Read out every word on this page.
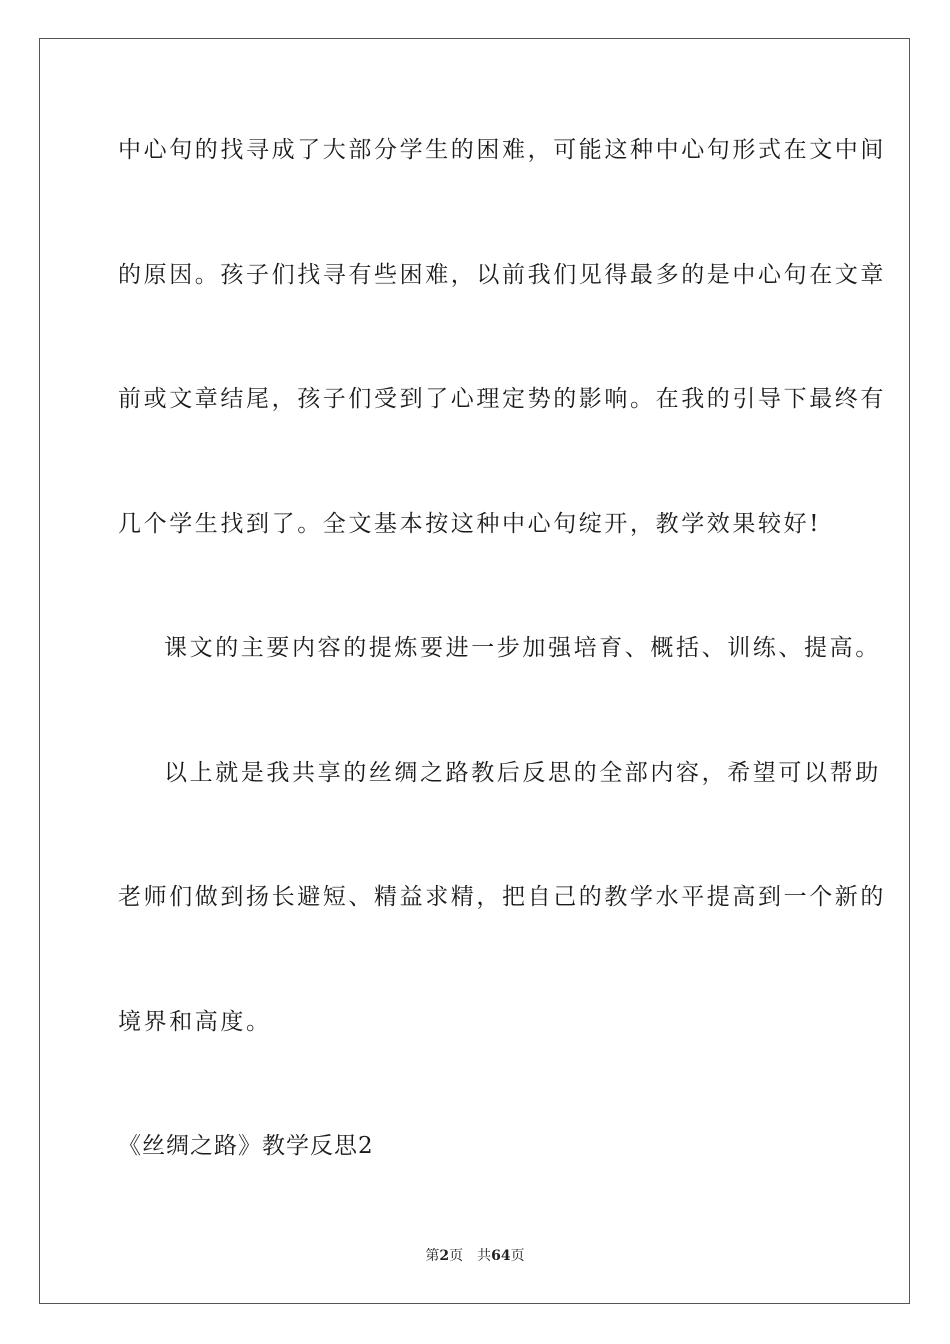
中心句的找寻成了大部分学生的困难，可能这种中心句形式在文中间
的原因。孩子们找寻有些困难，以前我们见得最多的是中心句在文章
前或文章结尾，孩子们受到了心理定势的影响。在我的引导下最终有
几个学生找到了。全文基本按这种中心句绽开，教学效果较好!
课文的主要内容的提炼要进一步加强培育、概括、训练、提高。
以上就是我共享的丝绸之路教后反思的全部内容，希望可以帮助
老师们做到扬长避短、精益求精，把自己的教学水平提高到一个新的
境界和高度。
《丝绸之路》教学反思2
第2页 共64页
